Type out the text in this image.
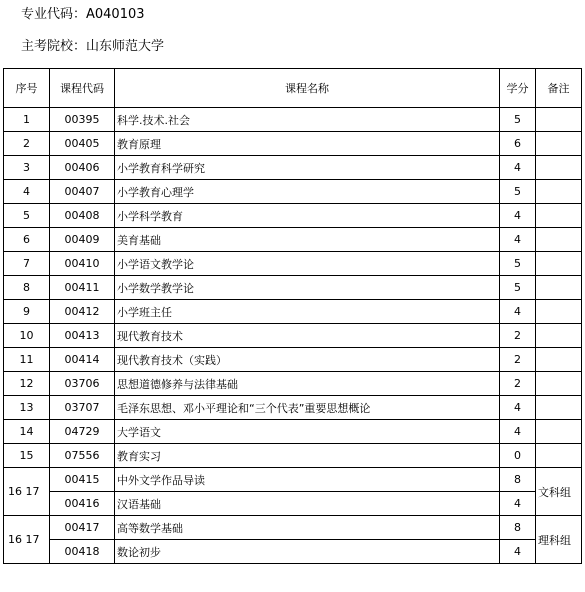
专业代码：A040103
主考院校：山东师范大学
序号	课程代码	课程名称	学分	备注
1	00395	科学.技术.社会	5	
2	00405	教育原理	6	
3	00406	小学教育科学研究	4	
4	00407	小学教育心理学	5	
5	00408	小学科学教育	4	
6	00409	美育基础	4	
7	00410	小学语文教学论	5	
8	00411	小学数学教学论	5	
9	00412	小学班主任	4	
10	00413	现代教育技术	2	
11	00414	现代教育技术（实践）	2	
12	03706	思想道德修养与法律基础	2	
13	03707	毛泽东思想、邓小平理论和“三个代表”重要思想概论	4	
14	04729	大学语文	4	
15	07556	教育实习	0	
16 17	00415	中外文学作品导读	8	文科组
	00416	汉语基础	4	
16 17	00417	高等数学基础	8	理科组
	00418	数论初步	4	
